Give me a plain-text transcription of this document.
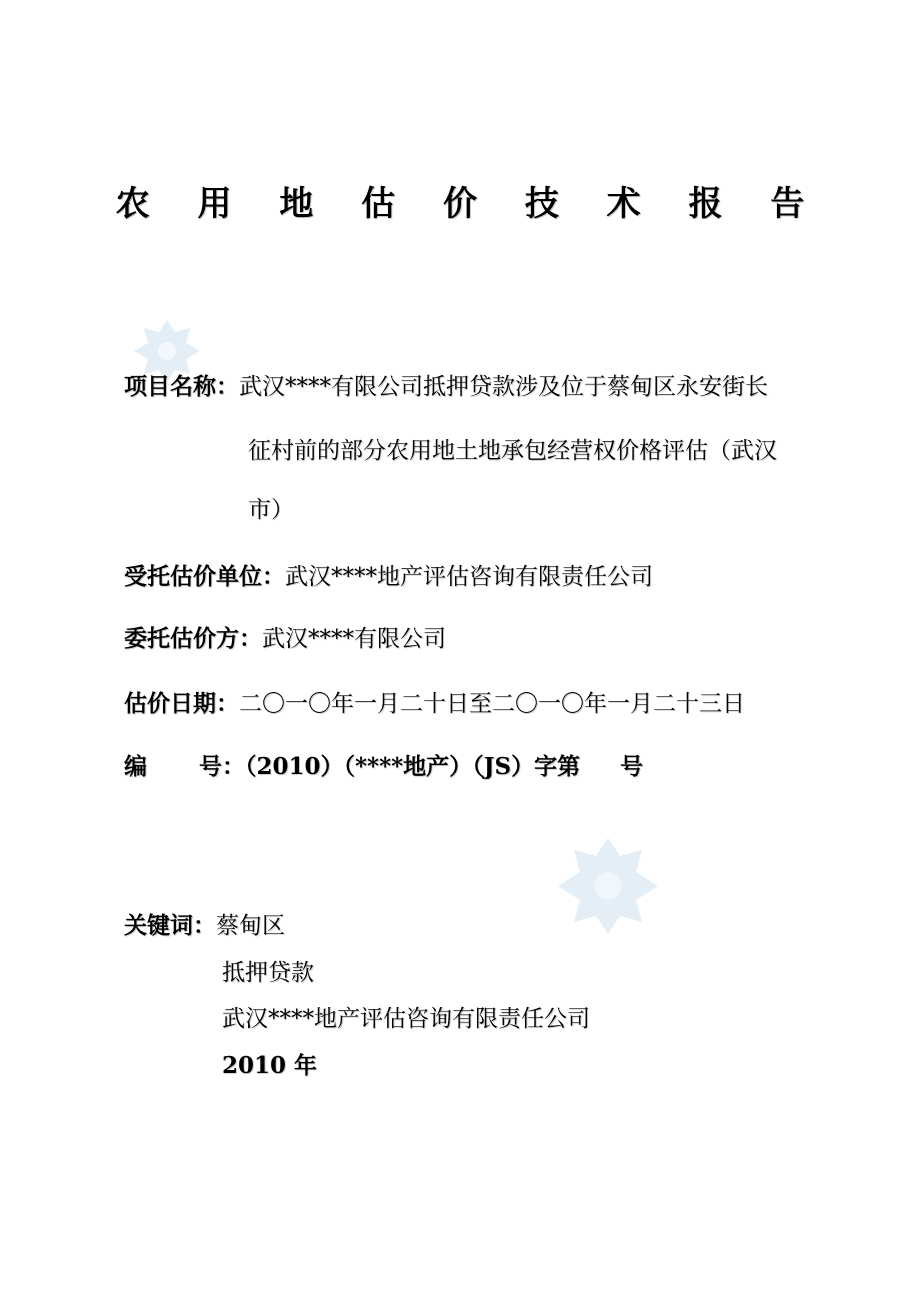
农 用 地 估 价 技 术 报 告
项目名称：武汉****有限公司抵押贷款涉及位于蔡甸区永安街长
征村前的部分农用地土地承包经营权价格评估（武汉
市）
受托估价单位：武汉****地产评估咨询有限责任公司
委托估价方：武汉****有限公司
估价日期：二〇一〇年一月二十日至二〇一〇年一月二十三日
编 号：（2010）（****地产）（JS）字第 号
关键词：蔡甸区
抵押贷款
武汉****地产评估咨询有限责任公司
2010 年
